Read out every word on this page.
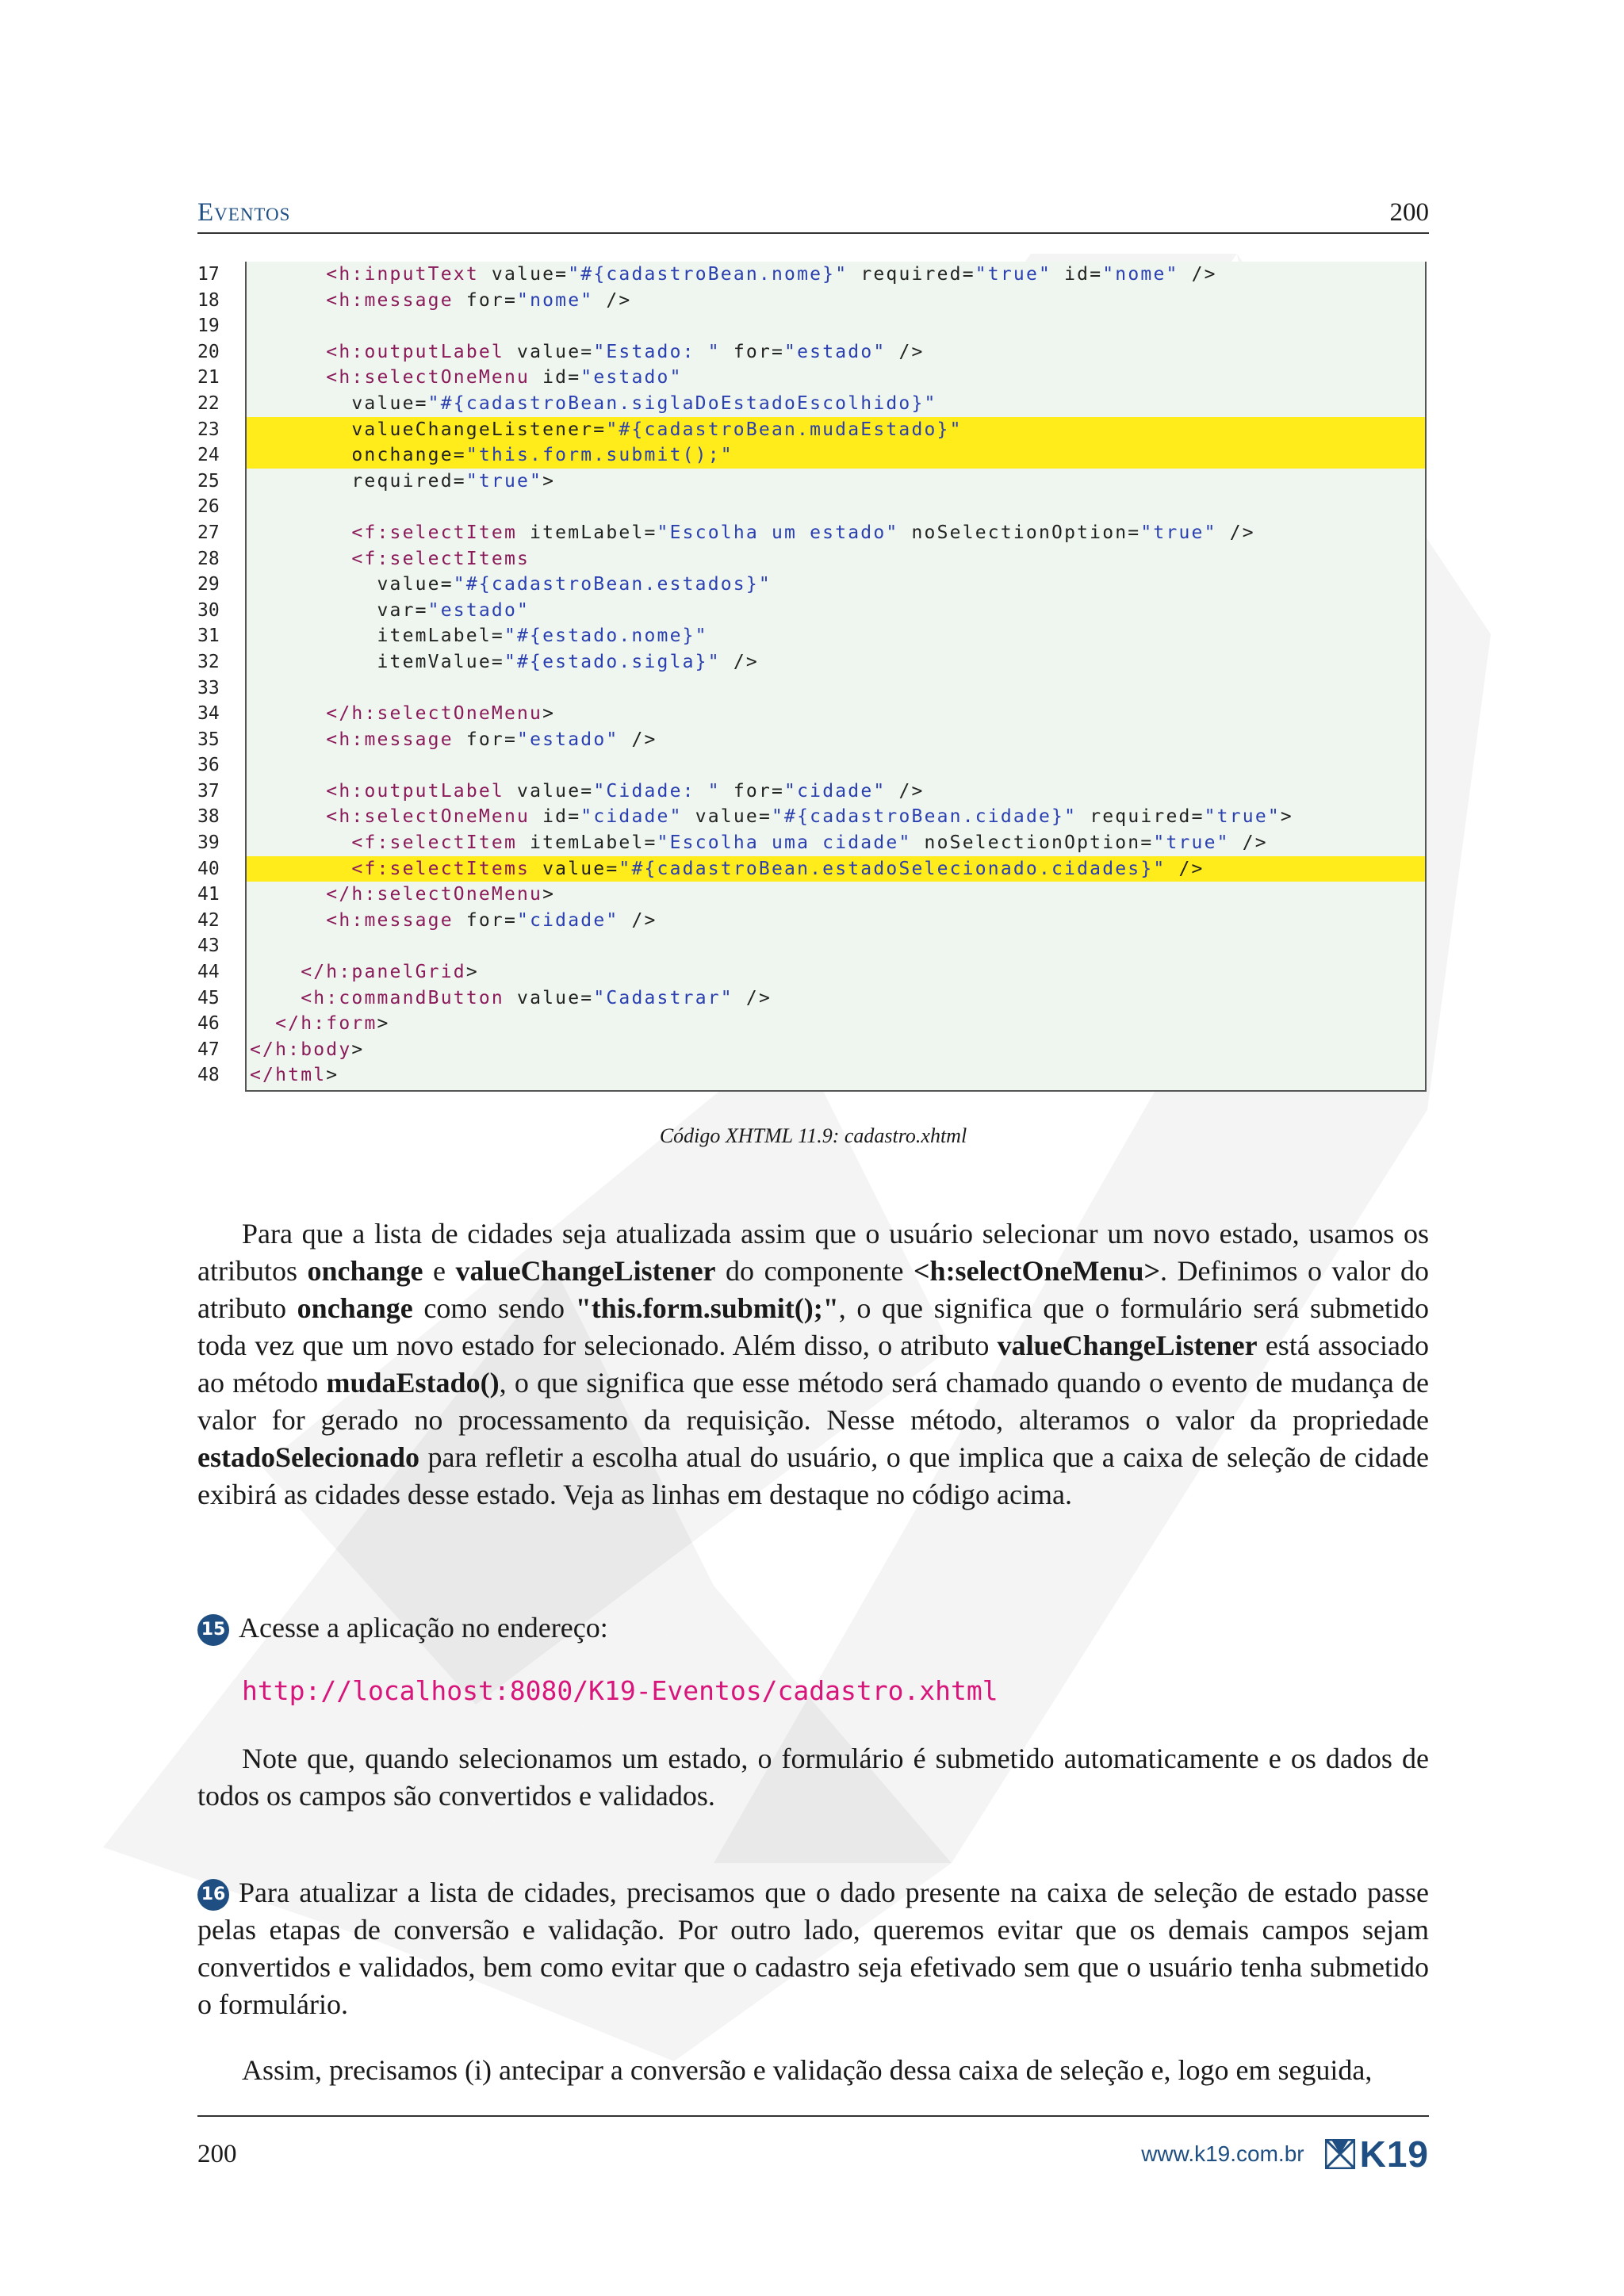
Eventos	200
17
18
19
20
21
22
23
24
25
26
27
28
29
30
31
32
33
34
35
36
37
38
39
40
41
42
43
44
45
46
47
48
<h:inputText value="#{cadastroBean.nome}" required="true" id="nome" />
<h:message for="nome" />
<h:outputLabel value="Estado: " for="estado" />
<h:selectOneMenu id="estado"
value="#{cadastroBean.siglaDoEstadoEscolhido}"
valueChangeListener="#{cadastroBean.mudaEstado}"
onchange="this.form.submit();"
required="true">
<f:selectItem itemLabel="Escolha um estado" noSelectionOption="true" />
<f:selectItems
value="#{cadastroBean.estados}"
var="estado"
itemLabel="#{estado.nome}"
itemValue="#{estado.sigla}" />
</h:selectOneMenu>
<h:message for="estado" />
<h:outputLabel value="Cidade: " for="cidade" />
<h:selectOneMenu id="cidade" value="#{cadastroBean.cidade}" required="true">
<f:selectItem itemLabel="Escolha uma cidade" noSelectionOption="true" />
<f:selectItems value="#{cadastroBean.estadoSelecionado.cidades}" />
</h:selectOneMenu>
<h:message for="cidade" />
</h:panelGrid>
<h:commandButton value="Cadastrar" />
</h:form>
</h:body>
</html>
Código XHTML 11.9: cadastro.xhtml
Para que a lista de cidades seja atualizada assim que o usuário selecionar um novo estado, usamos os atributos onchange e valueChangeListener do componente <h:selectOneMenu>. Definimos o valor do atributo onchange como sendo "this.form.submit();", o que significa que o formulário será submetido toda vez que um novo estado for selecionado. Além disso, o atributo valueChangeListener está associado ao método mudaEstado(), o que significa que esse método será chamado quando o evento de mudança de valor for gerado no processamento da requisição. Nesse método, alteramos o valor da propriedade estadoSelecionado para refletir a escolha atual do usuário, o que implica que a caixa de seleção de cidade exibirá as cidades desse estado. Veja as linhas em destaque no código acima.
15 Acesse a aplicação no endereço:
http://localhost:8080/K19-Eventos/cadastro.xhtml
Note que, quando selecionamos um estado, o formulário é submetido automaticamente e os dados de todos os campos são convertidos e validados.
16 Para atualizar a lista de cidades, precisamos que o dado presente na caixa de seleção de estado passe pelas etapas de conversão e validação. Por outro lado, queremos evitar que os demais campos sejam convertidos e validados, bem como evitar que o cadastro seja efetivado sem que o usuário tenha submetido o formulário.
Assim, precisamos (i) antecipar a conversão e validação dessa caixa de seleção e, logo em seguida,
200	www.k19.com.br K19
